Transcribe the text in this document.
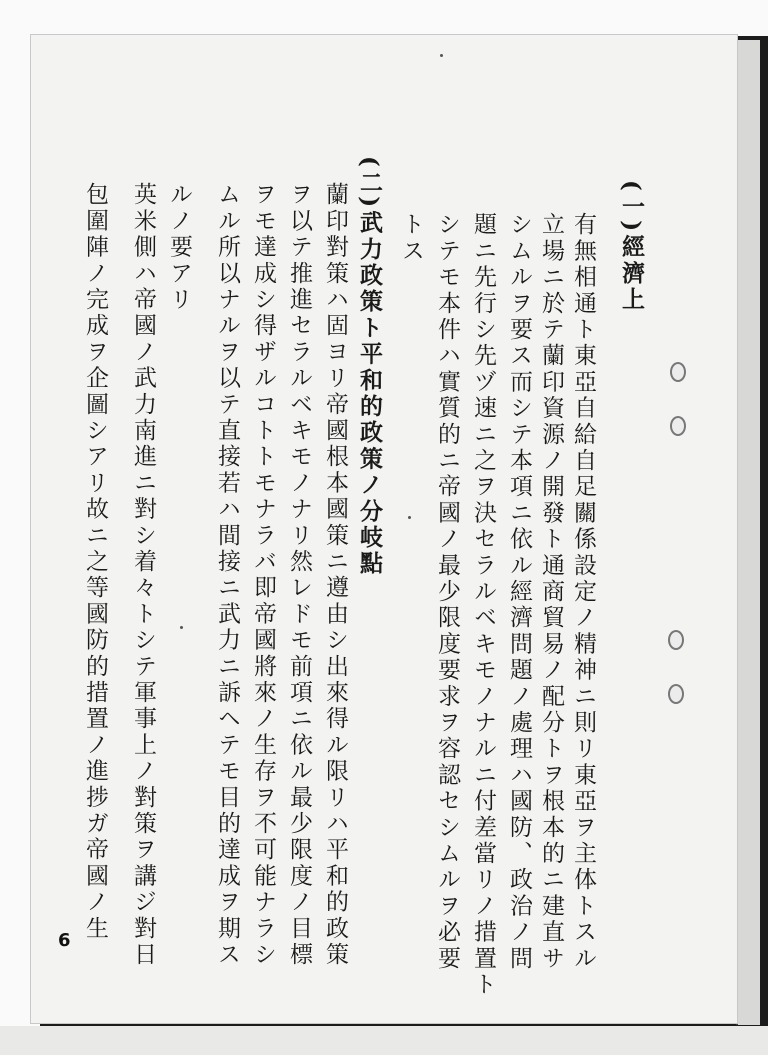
(一)經濟上
有無相通ト東亞自給自足關係設定ノ精神ニ則リ東亞ヲ主体トスル
立場ニ於テ蘭印資源ノ開發ト通商貿易ノ配分トヲ根本的ニ建直サ
シムルヲ要ス而シテ本項ニ依ル經濟問題ノ處理ハ國防、政治ノ問
題ニ先行シ先ヅ速ニ之ヲ決セラルベキモノナルニ付差當リノ措置ト
シテモ本件ハ實質的ニ帝國ノ最少限度要求ヲ容認セシムルヲ必要
トス
(二)武力政策ト平和的政策ノ分岐點
蘭印對策ハ固ヨリ帝國根本國策ニ遵由シ出來得ル限リハ平和的政策
ヲ以テ推進セラルベキモノナリ然レドモ前項ニ依ル最少限度ノ目標
ヲモ達成シ得ザルコトトモナラバ即帝國將來ノ生存ヲ不可能ナラシ
ムル所以ナルヲ以テ直接若ハ間接ニ武力ニ訴ヘテモ目的達成ヲ期ス
ルノ要アリ
英米側ハ帝國ノ武力南進ニ對シ着々トシテ軍事上ノ對策ヲ講ジ對日
包圍陣ノ完成ヲ企圖シアリ故ニ之等國防的措置ノ進捗ガ帝國ノ生
6
